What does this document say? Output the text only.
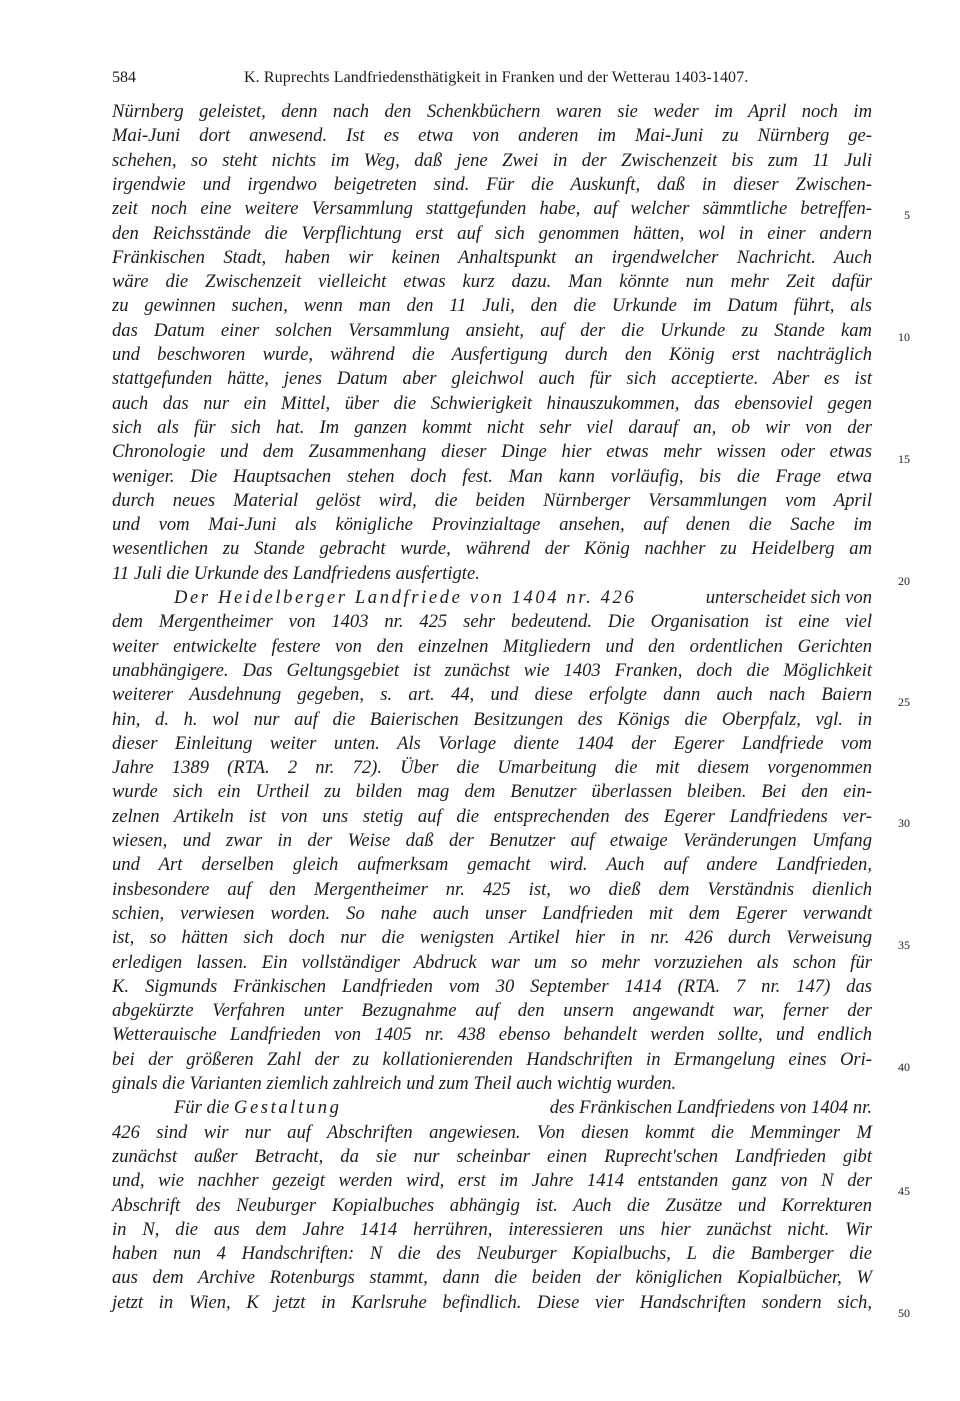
584	K. Ruprechts Landfriedensthätigkeit in Franken und der Wetterau 1403-1407.
Nürnberg geleistet, denn nach den Schenkbüchern waren sie weder im April noch im
Mai-Juni dort anwesend. Ist es etwa von anderen im Mai-Juni zu Nürnberg ge-
schehen, so steht nichts im Weg, daß jene Zwei in der Zwischenzeit bis zum 11 Juli
irgendwie und irgendwo beigetreten sind. Für die Auskunft, daß in dieser Zwischen-
zeit noch eine weitere Versammlung stattgefunden habe, auf welcher sämmtliche betreffen-
den Reichsstände die Verpflichtung erst auf sich genommen hätten, wol in einer andern
Fränkischen Stadt, haben wir keinen Anhaltspunkt an irgendwelcher Nachricht. Auch
wäre die Zwischenzeit vielleicht etwas kurz dazu. Man könnte nun mehr Zeit dafür
zu gewinnen suchen, wenn man den 11 Juli, den die Urkunde im Datum führt, als
das Datum einer solchen Versammlung ansieht, auf der die Urkunde zu Stande kam
und beschworen wurde, während die Ausfertigung durch den König erst nachträglich
stattgefunden hätte, jenes Datum aber gleichwol auch für sich acceptierte. Aber es ist
auch das nur ein Mittel, über die Schwierigkeit hinauszukommen, das ebensoviel gegen
sich als für sich hat. Im ganzen kommt nicht sehr viel darauf an, ob wir von der
Chronologie und dem Zusammenhang dieser Dinge hier etwas mehr wissen oder etwas
weniger. Die Hauptsachen stehen doch fest. Man kann vorläufig, bis die Frage etwa
durch neues Material gelöst wird, die beiden Nürnberger Versammlungen vom April
und vom Mai-Juni als königliche Provinzialtage ansehen, auf denen die Sache im
wesentlichen zu Stande gebracht wurde, während der König nachher zu Heidelberg am
11 Juli die Urkunde des Landfriedens ausfertigte.
Der Heidelberger Landfriede von 1404 nr. 426	unterscheidet sich von
dem Mergentheimer von 1403 nr. 425 sehr bedeutend. Die Organisation ist eine viel
weiter entwickelte festere von den einzelnen Mitgliedern und den ordentlichen Gerichten
unabhängigere. Das Geltungsgebiet ist zunächst wie 1403 Franken, doch die Möglichkeit
weiterer Ausdehnung gegeben, s. art. 44, und diese erfolgte dann auch nach Baiern
hin, d. h. wol nur auf die Baierischen Besitzungen des Königs die Oberpfalz, vgl. in
dieser Einleitung weiter unten. Als Vorlage diente 1404 der Egerer Landfriede vom
Jahre 1389 (RTA. 2 nr. 72). Über die Umarbeitung die mit diesem vorgenommen
wurde sich ein Urtheil zu bilden mag dem Benutzer überlassen bleiben. Bei den ein-
zelnen Artikeln ist von uns stetig auf die entsprechenden des Egerer Landfriedens ver-
wiesen, und zwar in der Weise daß der Benutzer auf etwaige Veränderungen Umfang
und Art derselben gleich aufmerksam gemacht wird. Auch auf andere Landfrieden,
insbesondere auf den Mergentheimer nr. 425 ist, wo dieß dem Verständnis dienlich
schien, verwiesen worden. So nahe auch unser Landfrieden mit dem Egerer verwandt
ist, so hätten sich doch nur die wenigsten Artikel hier in nr. 426 durch Verweisung
erledigen lassen. Ein vollständiger Abdruck war um so mehr vorzuziehen als schon für
K. Sigmunds Fränkischen Landfrieden vom 30 September 1414 (RTA. 7 nr. 147) das
abgekürzte Verfahren unter Bezugnahme auf den unsern angewandt war, ferner der
Wetterauische Landfrieden von 1405 nr. 438 ebenso behandelt werden sollte, und endlich
bei der größeren Zahl der zu kollationierenden Handschriften in Ermangelung eines Ori-
ginals die Varianten ziemlich zahlreich und zum Theil auch wichtig wurden.
Für die Gestaltung	des Fränkischen Landfriedens von 1404 nr.
426 sind wir nur auf Abschriften angewiesen. Von diesen kommt die Memminger M
zunächst außer Betracht, da sie nur scheinbar einen Ruprecht'schen Landfrieden gibt
und, wie nachher gezeigt werden wird, erst im Jahre 1414 entstanden ganz von N der
Abschrift des Neuburger Kopialbuches abhängig ist. Auch die Zusätze und Korrekturen
in N, die aus dem Jahre 1414 herrühren, interessieren uns hier zunächst nicht. Wir
haben nun 4 Handschriften: N die des Neuburger Kopialbuchs, L die Bamberger die
aus dem Archive Rotenburgs stammt, dann die beiden der königlichen Kopialbücher, W
jetzt in Wien, K jetzt in Karlsruhe befindlich. Diese vier Handschriften sondern sich,
5
10
15
20
25
30
35
40
45
50
